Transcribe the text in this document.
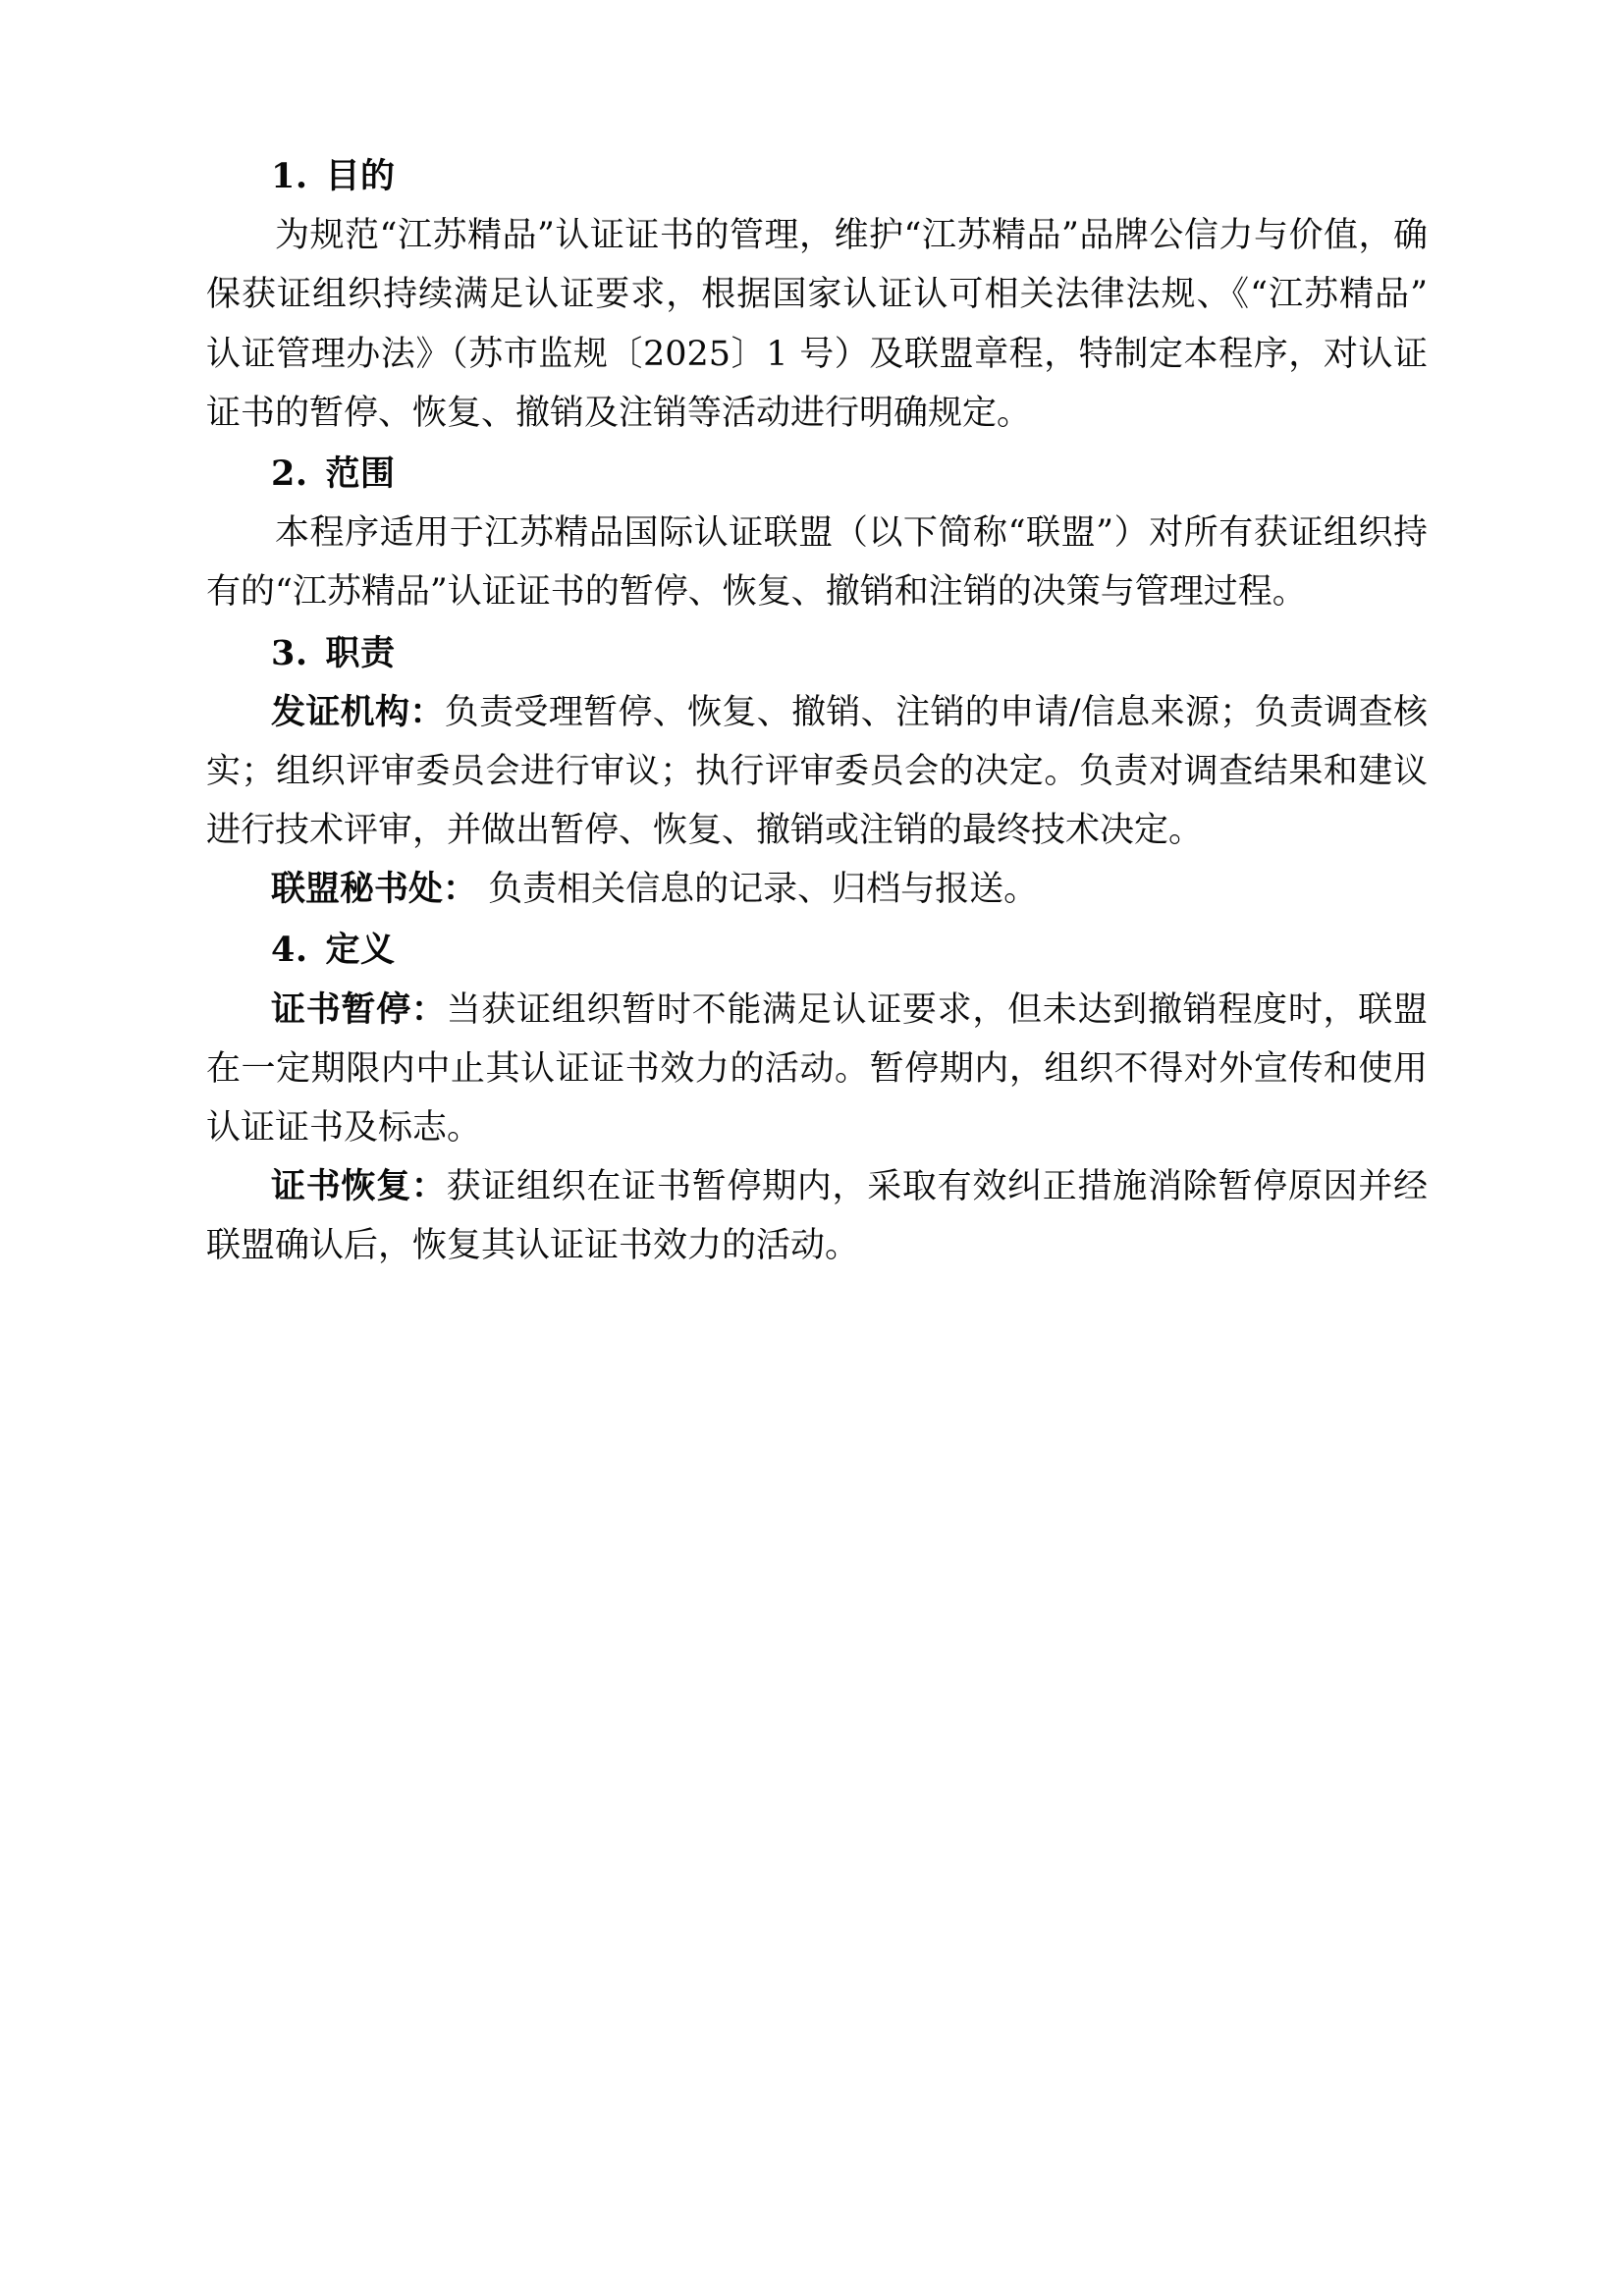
1. 目的

为规范“江苏精品”认证证书的管理，维护“江苏精品”品牌公信力与价值，确保获证组织持续满足认证要求，根据国家认证认可相关法律法规、《“江苏精品” 认证管理办法》（苏市监规〔2025〕1 号）及联盟章程，特制定本程序，对认证证书的暂停、恢复、撤销及注销等活动进行明确规定。

2. 范围

本程序适用于江苏精品国际认证联盟（以下简称“联盟”）对所有获证组织持有的“江苏精品”认证证书的暂停、恢复、撤销和注销的决策与管理过程。

3. 职责

发证机构：负责受理暂停、恢复、撤销、注销的申请/信息来源；负责调查核实；组织评审委员会进行审议；执行评审委员会的决定。负责对调查结果和建议进行技术评审，并做出暂停、恢复、撤销或注销的最终技术决定。

联盟秘书处： 负责相关信息的记录、归档与报送。

4. 定义

证书暂停：当获证组织暂时不能满足认证要求，但未达到撤销程度时，联盟在一定期限内中止其认证证书效力的活动。暂停期内，组织不得对外宣传和使用认证证书及标志。

证书恢复：获证组织在证书暂停期内，采取有效纠正措施消除暂停原因并经联盟确认后，恢复其认证证书效力的活动。
